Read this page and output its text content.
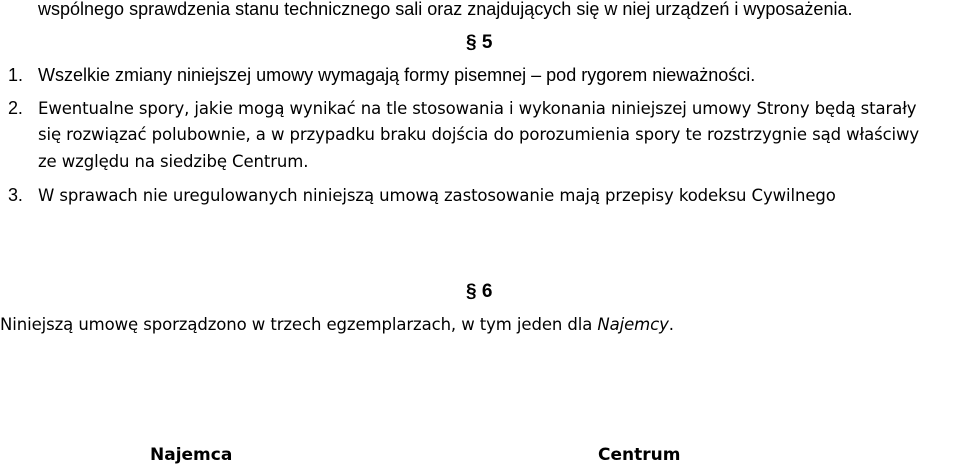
wspólnego sprawdzenia stanu technicznego sali oraz znajdujących się w niej urządzeń i wyposażenia.
§ 5
1. Wszelkie zmiany niniejszej umowy wymagają formy pisemnej – pod rygorem nieważności.
2. Ewentualne spory, jakie mogą wynikać na tle stosowania i wykonania niniejszej umowy Strony będą starały
się rozwiązać polubownie, a w przypadku braku dojścia do porozumienia spory te rozstrzygnie sąd właściwy
ze względu na siedzibę Centrum.
3. W sprawach nie uregulowanych niniejszą umową zastosowanie mają przepisy kodeksu Cywilnego
§ 6
Niniejszą umowę sporządzono w trzech egzemplarzach, w tym jeden dla Najemcy.
Najemca	Centrum
